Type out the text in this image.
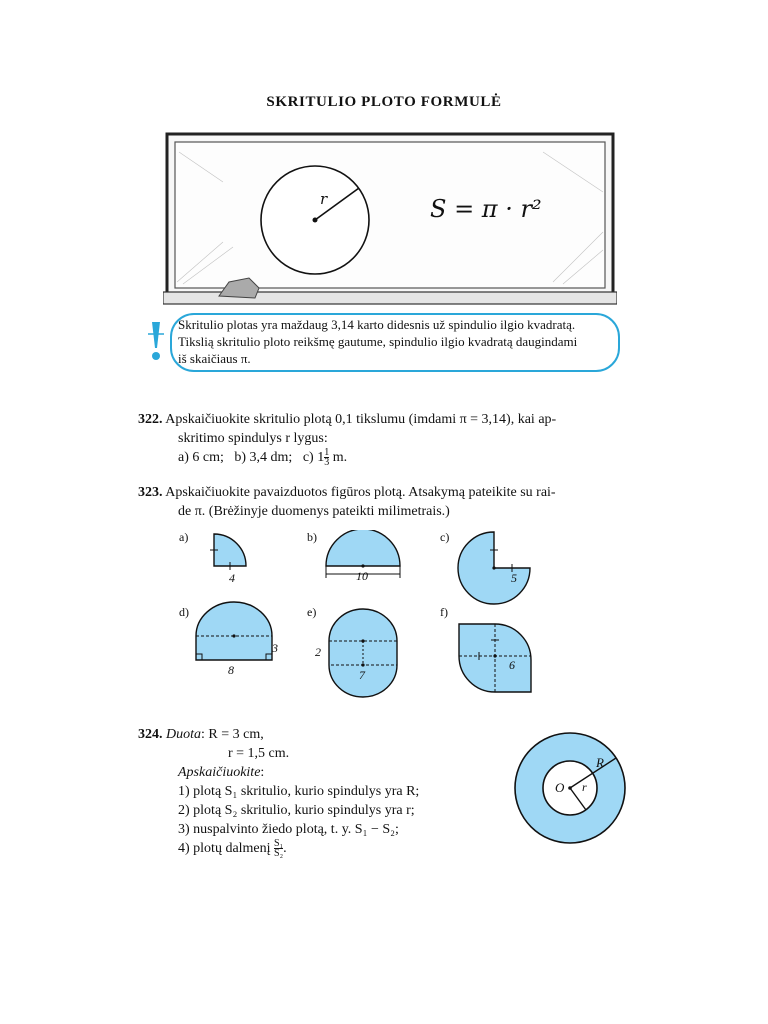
SKRITULIO PLOTO FORMULĖ
r	S = π · r²
Skritulio plotas yra maždaug 3,14 karto didesnis už spindulio ilgio kvadratą.
Tikslią skritulio ploto reikšmę gautume, spindulio ilgio kvadratą daugindami
iš skaičiaus π.
322. Apskaičiuokite skritulio plotą 0,1 tikslumu (imdami π = 3,14), kai ap-
skritimo spindulys r lygus:
a) 6 cm; b) 3,4 dm; c) $1 \frac{1}{3} m$.
323. Apskaičiuokite pavaizduotos figūros plotą. Atsakymą pateikite su rai-
de π. (Brėžinyje duomenys pateikti milimetrais.)
a)	b)	c)
d)	e)	f)
4	10	5
8
3
7
2
6
324. Duota: R = 3 cm,
r = 1,5 cm.
Apskaičiuokite:
1) plotą S₁ skritulio, kurio spindulys yra R;
2) plotą S₂ skritulio, kurio spindulys yra r;
3) nuspalvinto žiedo plotą, t. y. S₁ − S₂;
4) plotų dalmenį $\frac{\text{S₁}}{\text{S₂}}$ .
R
r
O
